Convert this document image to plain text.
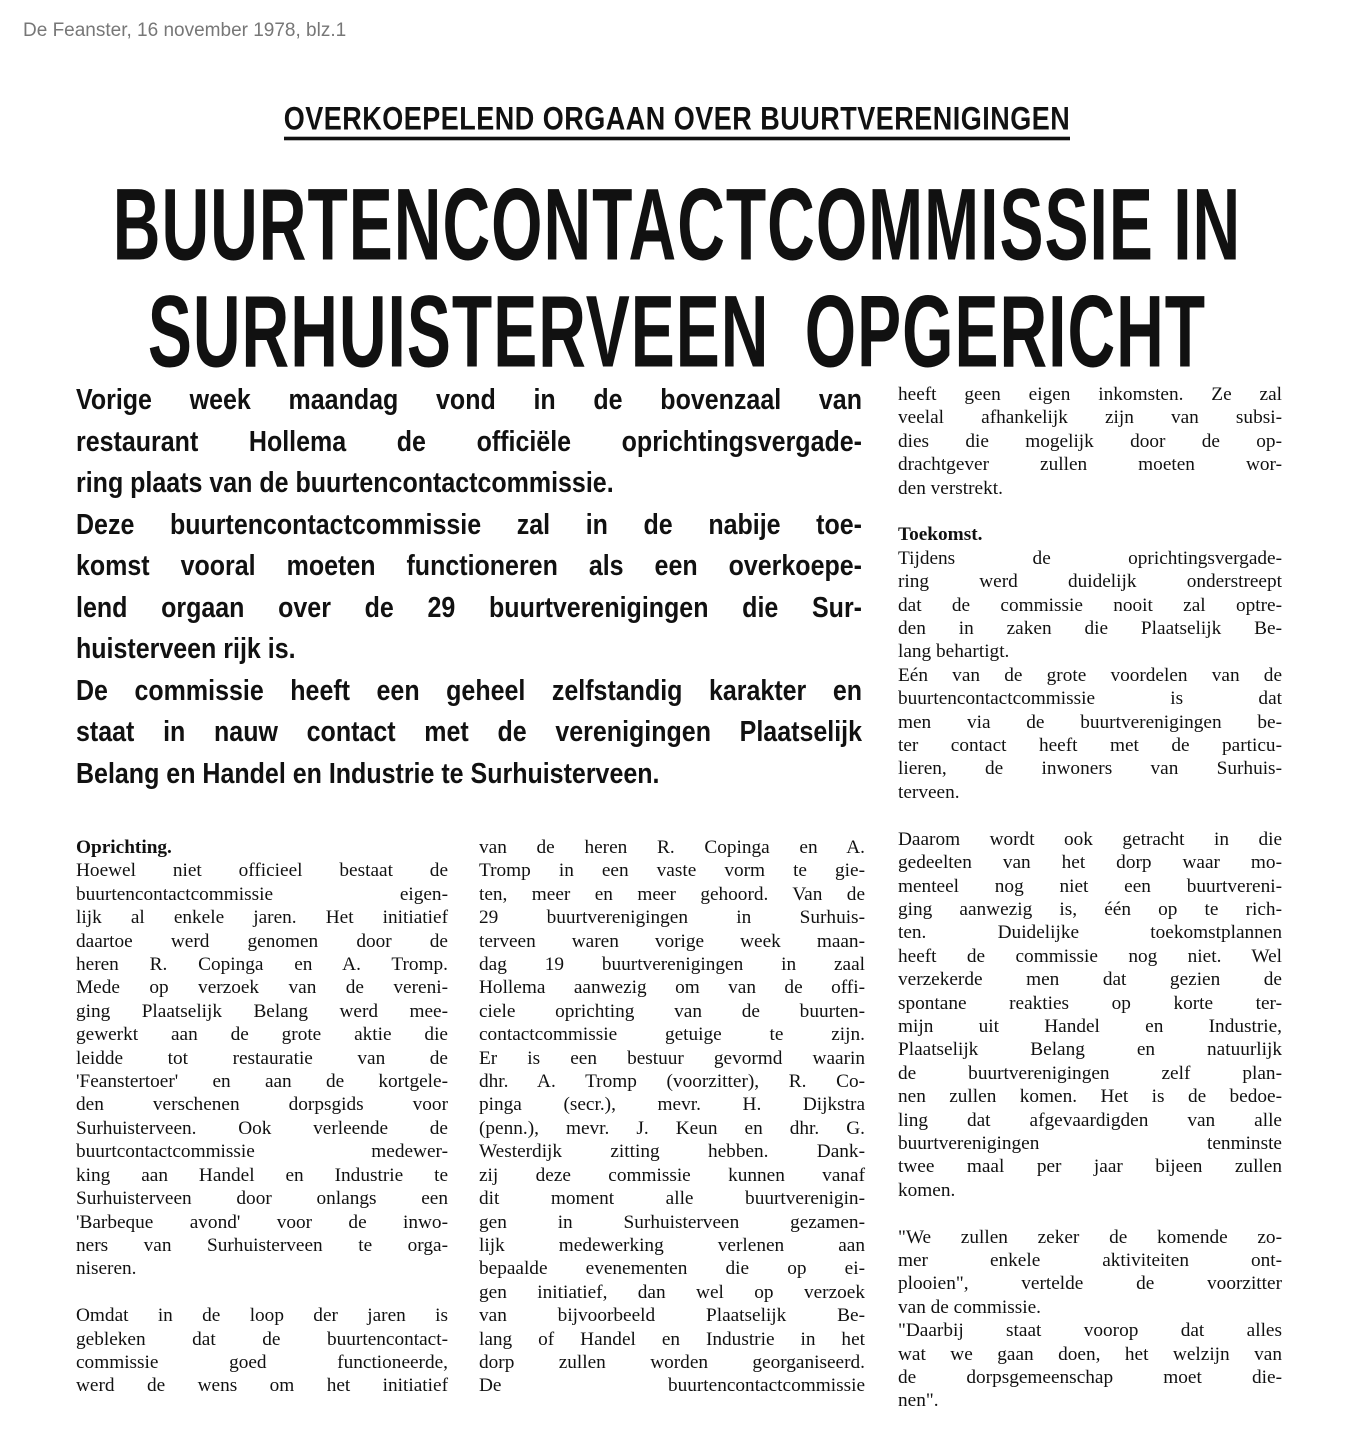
De Feanster, 16 november 1978, blz.1
OVERKOEPELEND ORGAAN OVER BUURTVERENIGINGEN
BUURTENCONTACTCOMMISSIE IN
SURHUISTERVEEN OPGERICHT
Vorige week maandag vond in de bovenzaal van
restaurant Hollema de officiële oprichtingsvergade-
ring plaats van de buurtencontactcommissie.
Deze buurtencontactcommissie zal in de nabije toe-
komst vooral moeten functioneren als een overkoepe-
lend orgaan over de 29 buurtverenigingen die Sur-
huisterveen rijk is.
De commissie heeft een geheel zelfstandig karakter en
staat in nauw contact met de verenigingen Plaatselijk
Belang en Handel en Industrie te Surhuisterveen.
Oprichting.
Hoewel niet officieel bestaat de
buurtencontactcommissie eigen-
lijk al enkele jaren. Het initiatief
daartoe werd genomen door de
heren R. Copinga en A. Tromp.
Mede op verzoek van de vereni-
ging Plaatselijk Belang werd mee-
gewerkt aan de grote aktie die
leidde tot restauratie van de
'Feanstertoer' en aan de kortgele-
den verschenen dorpsgids voor
Surhuisterveen. Ook verleende de
buurtcontactcommissie medewer-
king aan Handel en Industrie te
Surhuisterveen door onlangs een
'Barbeque avond' voor de inwo-
ners van Surhuisterveen te orga-
niseren.
Omdat in de loop der jaren is
gebleken dat de buurtencontact-
commissie goed functioneerde,
werd de wens om het initiatief
van de heren R. Copinga en A.
Tromp in een vaste vorm te gie-
ten, meer en meer gehoord. Van de
29 buurtverenigingen in Surhuis-
terveen waren vorige week maan-
dag 19 buurtverenigingen in zaal
Hollema aanwezig om van de offi-
ciele oprichting van de buurten-
contactcommissie getuige te zijn.
Er is een bestuur gevormd waarin
dhr. A. Tromp (voorzitter), R. Co-
pinga (secr.), mevr. H. Dijkstra
(penn.), mevr. J. Keun en dhr. G.
Westerdijk zitting hebben. Dank-
zij deze commissie kunnen vanaf
dit moment alle buurtverenigin-
gen in Surhuisterveen gezamen-
lijk medewerking verlenen aan
bepaalde evenementen die op ei-
gen initiatief, dan wel op verzoek
van bijvoorbeeld Plaatselijk Be-
lang of Handel en Industrie in het
dorp zullen worden georganiseerd.
De buurtencontactcommissie
heeft geen eigen inkomsten. Ze zal
veelal afhankelijk zijn van subsi-
dies die mogelijk door de op-
drachtgever zullen moeten wor-
den verstrekt.
Toekomst.
Tijdens de oprichtingsvergade-
ring werd duidelijk onderstreept
dat de commissie nooit zal optre-
den in zaken die Plaatselijk Be-
lang behartigt.
Eén van de grote voordelen van de
buurtencontactcommissie is dat
men via de buurtverenigingen be-
ter contact heeft met de particu-
lieren, de inwoners van Surhuis-
terveen.
Daarom wordt ook getracht in die
gedeelten van het dorp waar mo-
menteel nog niet een buurtvereni-
ging aanwezig is, één op te rich-
ten. Duidelijke toekomstplannen
heeft de commissie nog niet. Wel
verzekerde men dat gezien de
spontane reakties op korte ter-
mijn uit Handel en Industrie,
Plaatselijk Belang en natuurlijk
de buurtverenigingen zelf plan-
nen zullen komen. Het is de bedoe-
ling dat afgevaardigden van alle
buurtverenigingen tenminste
twee maal per jaar bijeen zullen
komen.
"We zullen zeker de komende zo-
mer enkele aktiviteiten ont-
plooien", vertelde de voorzitter
van de commissie.
"Daarbij staat voorop dat alles
wat we gaan doen, het welzijn van
de dorpsgemeenschap moet die-
nen".
